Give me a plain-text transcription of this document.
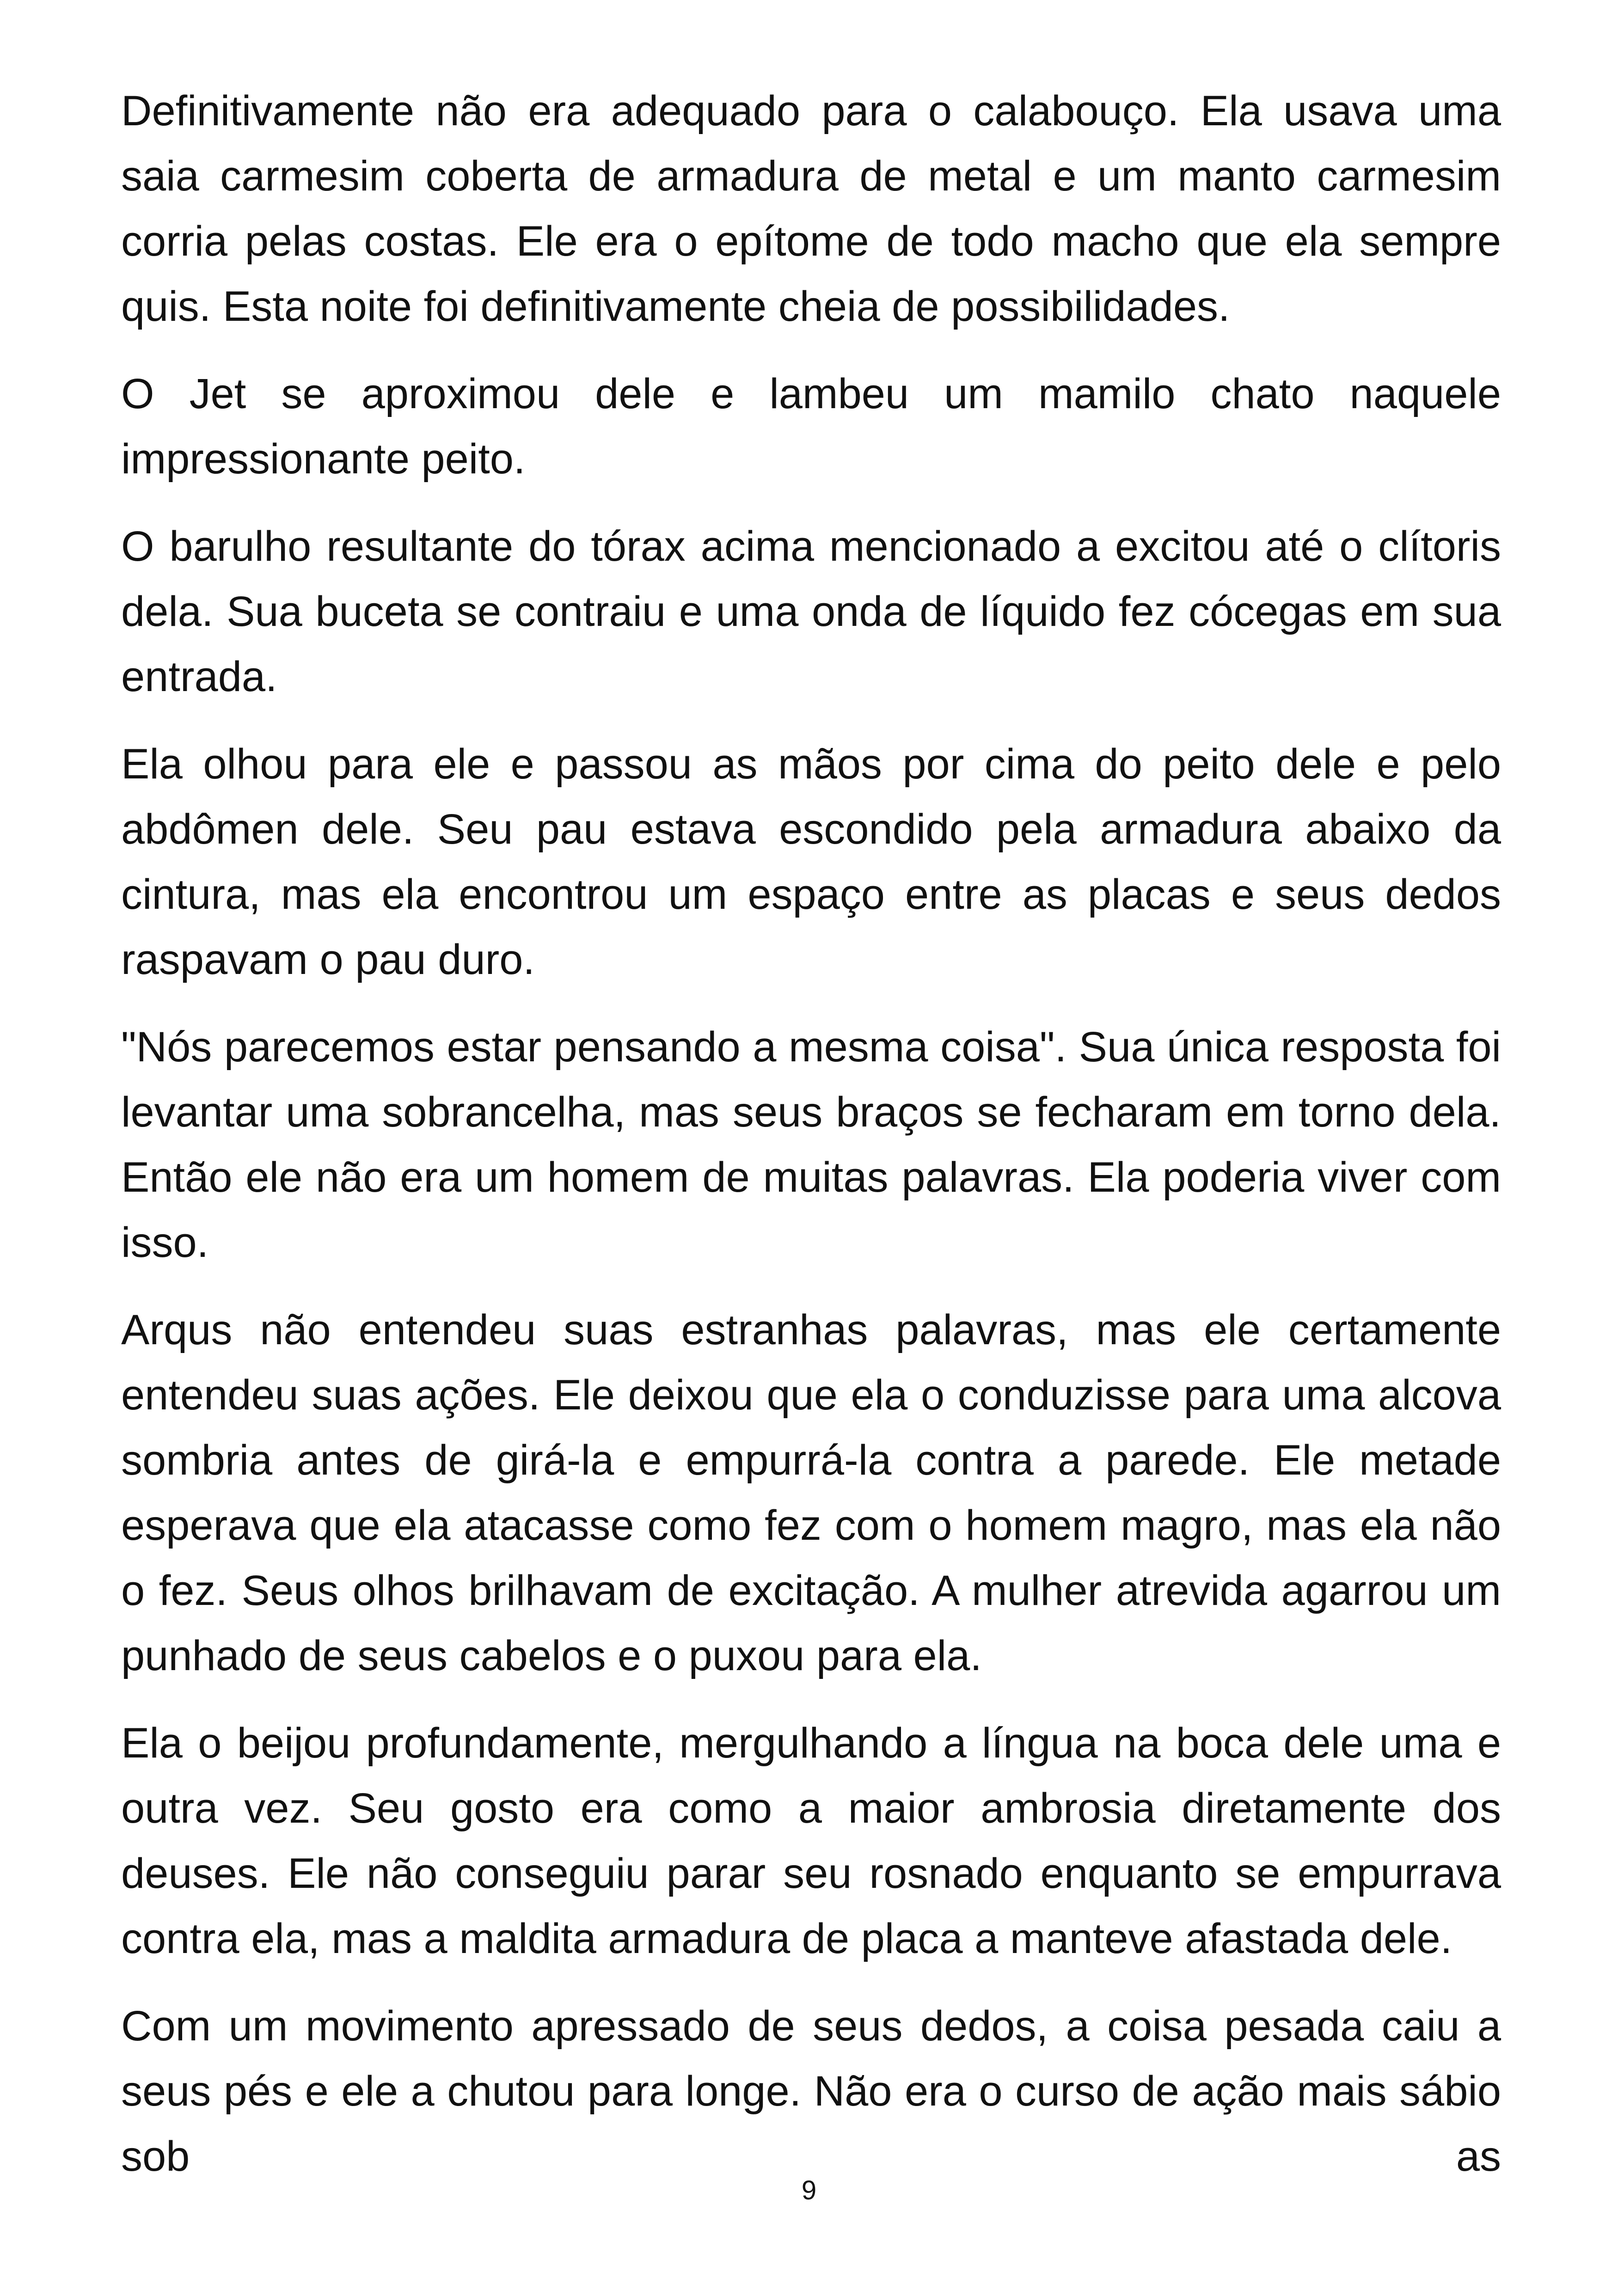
Definitivamente não era adequado para o calabouço. Ela usava uma saia carmesim coberta de armadura de metal e um manto carmesim corria pelas costas. Ele era o epítome de todo macho que ela sempre quis. Esta noite foi definitivamente cheia de possibilidades.

O Jet se aproximou dele e lambeu um mamilo chato naquele impressionante peito.

O barulho resultante do tórax acima mencionado a excitou até o clítoris dela. Sua buceta se contraiu e uma onda de líquido fez cócegas em sua entrada.

Ela olhou para ele e passou as mãos por cima do peito dele e pelo abdômen dele. Seu pau estava escondido pela armadura abaixo da cintura, mas ela encontrou um espaço entre as placas e seus dedos raspavam o pau duro.

"Nós parecemos estar pensando a mesma coisa". Sua única resposta foi levantar uma sobrancelha, mas seus braços se fecharam em torno dela. Então ele não era um homem de muitas palavras. Ela poderia viver com isso.

Arqus não entendeu suas estranhas palavras, mas ele certamente entendeu suas ações. Ele deixou que ela o conduzisse para uma alcova sombria antes de girá-la e empurrá-la contra a parede. Ele metade esperava que ela atacasse como fez com o homem magro, mas ela não o fez. Seus olhos brilhavam de excitação. A mulher atrevida agarrou um punhado de seus cabelos e o puxou para ela.

Ela o beijou profundamente, mergulhando a língua na boca dele uma e outra vez. Seu gosto era como a maior ambrosia diretamente dos deuses. Ele não conseguiu parar seu rosnado enquanto se empurrava contra ela, mas a maldita armadura de placa a manteve afastada dele.

Com um movimento apressado de seus dedos, a coisa pesada caiu a seus pés e ele a chutou para longe. Não era o curso de ação mais sábio sob as

9
